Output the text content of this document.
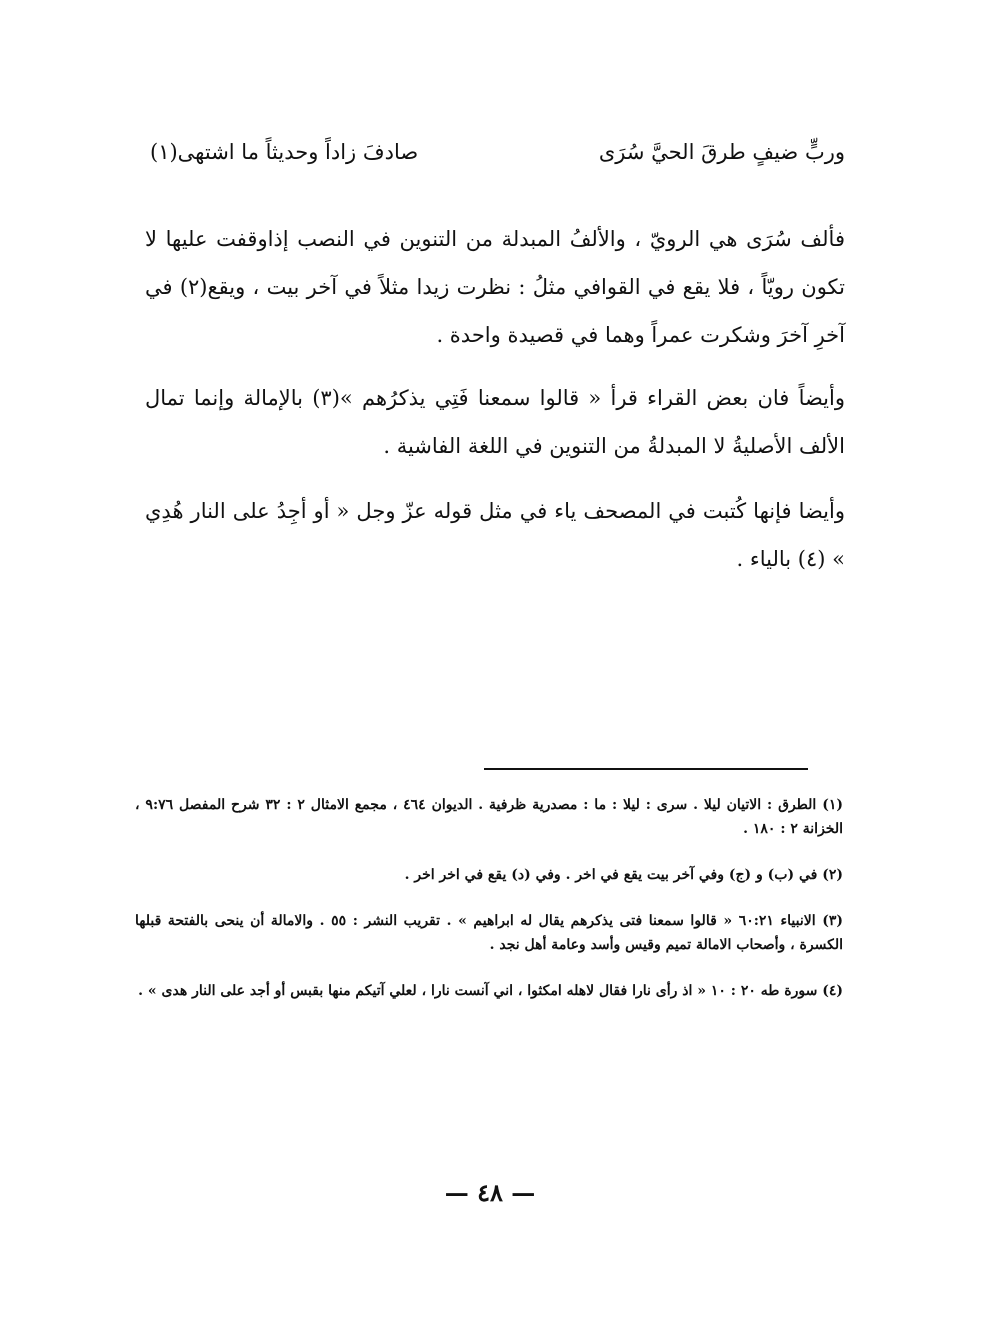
وربٍّ ضيفٍ طرقَ الحيَّ سُرَى
صادفَ زاداً وحديثاً ما اشتهى(١)

فألف سُرَى هي الرويّ ، والألفُ المبدلة من التنوين في النصب إذاوقفت عليها لا تكون رويّاً ، فلا يقع في القوافي مثلُ : نظرت زيدا مثلاً في آخر بيت ، ويقع(٢) في آخرِ آخرَ وشكرت عمراً وهما في قصيدة واحدة .

وأيضاً فان بعض القراء قرأ « قالوا سمعنا فَتِي يذكرُهم »(٣) بالإمالة وإنما تمال الألف الأصليةُ لا المبدلةُ من التنوين في اللغة الفاشية .

وأيضا فإنها كُتبت في المصحف ياء في مثل قوله عزّ وجل « أو أجِدُ على النار هُدِي » (٤) بالياء .

(١) الطرق : الاتيان ليلا . سرى : ليلا : ما : مصدرية ظرفية . الديوان ٤٦٤ ، مجمع الامثال ٢ : ٣٢ شرح المفصل ٩:٧٦ ، الخزانة ٢ : ١٨٠ .

(٢) في (ب) و (ج) وفي آخر بيت يقع في اخر . وفي (د) يقع في اخر اخر .

(٣) الانبياء ٦٠:٢١ « قالوا سمعنا فتى يذكرهم يقال له ابراهيم » . تقريب النشر : ٥٥ . والامالة أن ينحى بالفتحة قبلها الكسرة ، وأصحاب الامالة تميم وقيس وأسد وعامة أهل نجد .

(٤) سورة طه ٢٠ : ١٠ « اذ رأى نارا فقال لاهله امكثوا ، اني آنست نارا ، لعلي آتيكم منها بقبس أو أجد على النار هدى » .

— ٤٨ —
